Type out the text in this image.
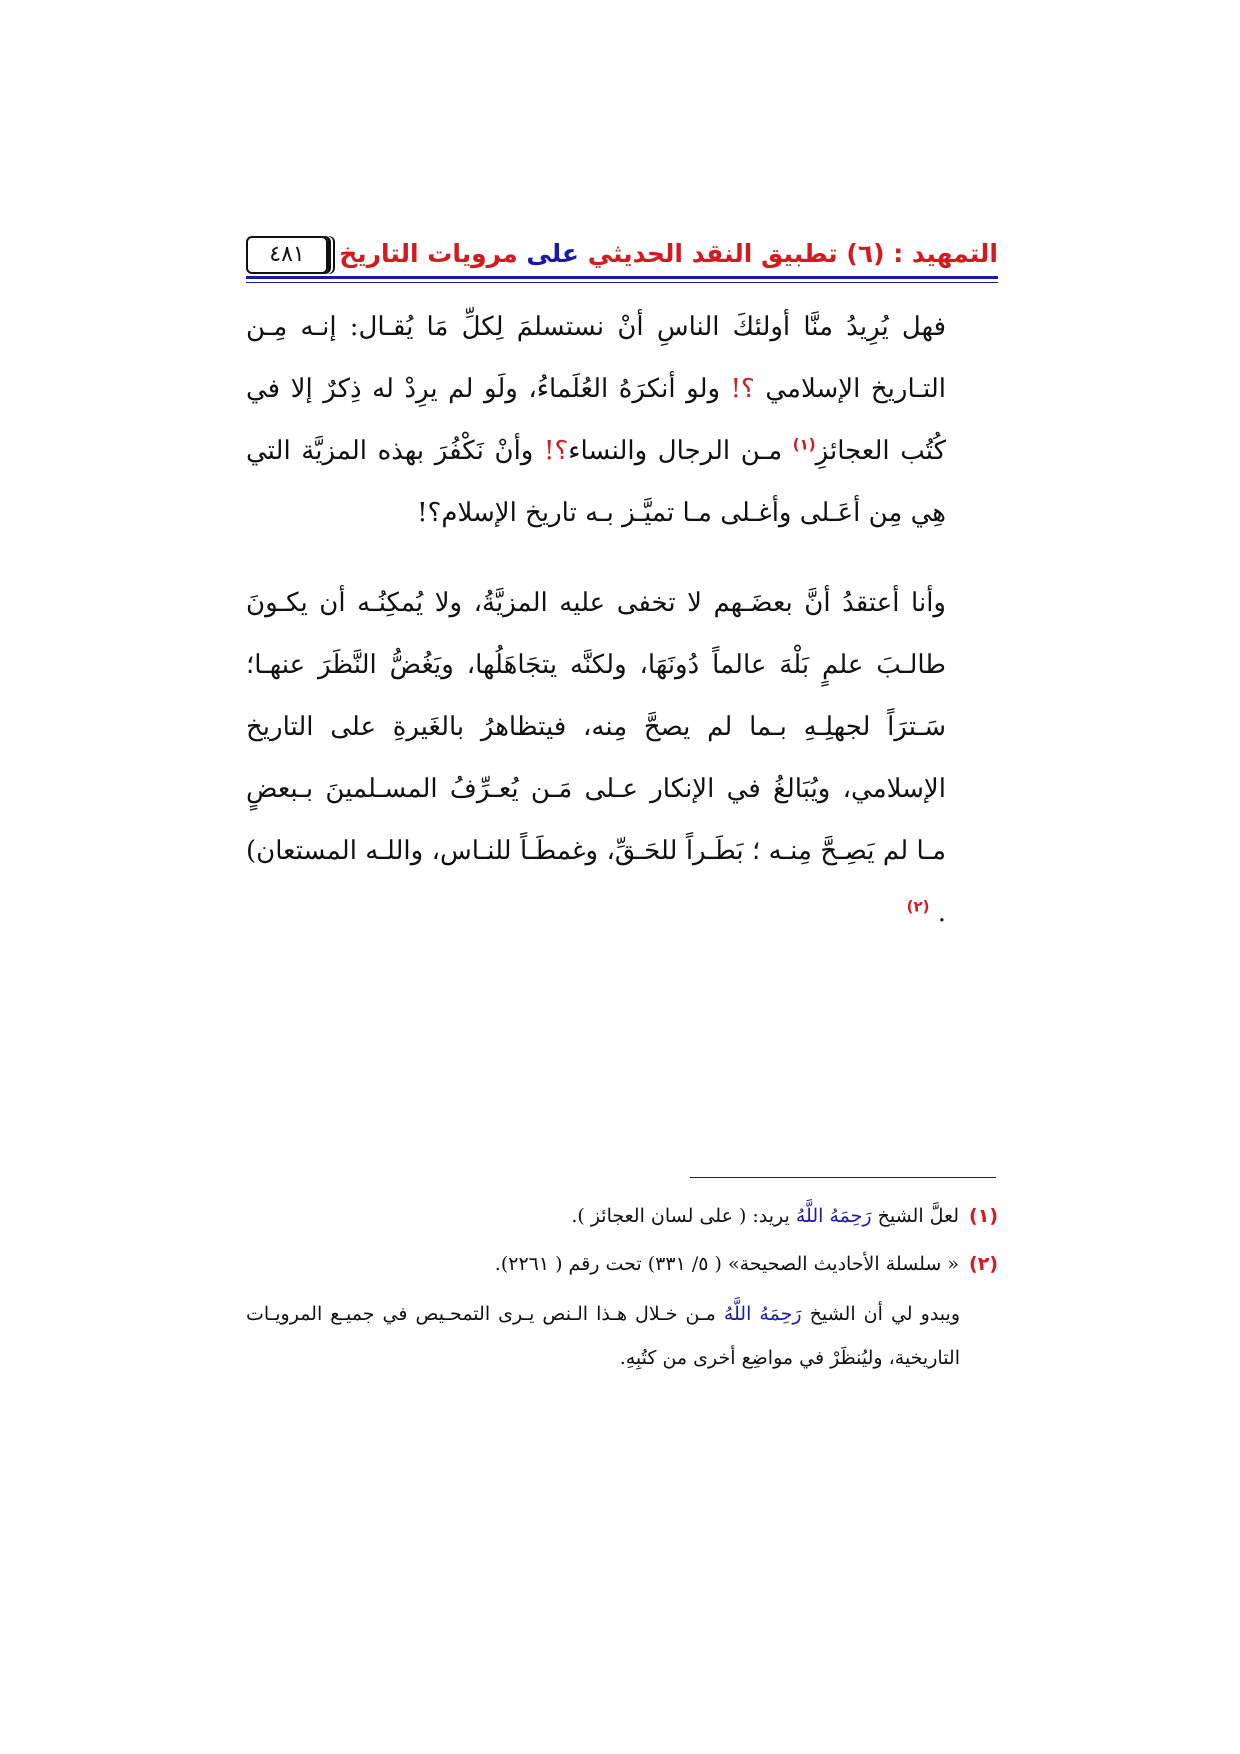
التمهيد : (٦) تطبيق النقد الحديثي على مرويات التاريخ
٤٨١
فهل يُرِيدُ منَّا أولئكَ الناسِ أنْ نستسلمَ لِكلِّ مَا يُقـال: إنـه مِـن التـاريخ الإسلامي ؟! ولو أنكرَهُ العُلَماءُ، ولَو لم يرِدْ له ذِكرٌ إلا في كُتُب العجائزِ$^{(١)}$ مـن الرجال والنساء؟! وأنْ نَكْفُرَ بهذه المزيَّة التي هِي مِن أعَـلى وأغـلى مـا تميَّـز بـه تاريخ الإسلام؟!
وأنا أعتقدُ أنَّ بعضَـهم لا تخفى عليه المزيَّةُ، ولا يُمكِنُـه أن يكـونَ طالـبَ علمٍ بَلْهَ عالماً دُونَهَا، ولكنَّه يتجَاهَلُها، ويَغُضُّ النَّظَرَ عنهـا؛ سَـترَاً لجهلِـهِ بـما لم يصحَّ مِنه، فيتظاهرُ بالغَيرةِ على التاريخ الإسلامي، ويُبَالغُ في الإنكار عـلى مَـن يُعـرِّفُ المسـلمينَ بـبعضٍ مـا لم يَصِـحَّ مِنـه ؛ بَطَـراً للحَـقِّ، وغمطَـاً للنـاس، واللـه المستعان) . $^{(٢)}$

(١)لعلَّ الشيخ رَحِمَهُ اللَّهُ يريد: ( على لسان العجائز ).

(٢)« سلسلة الأحاديث الصحيحة» ( ٥/ ٣٣١) تحت رقم ( ٢٢٦١).

ويبدو لي أن الشيخ رَحِمَهُ اللَّهُ مـن خـلال هـذا الـنص يـرى التمحـيص في جميـع المرويـات التاريخية، وليُنظَرْ في مواضِع أخرى من كتُبِهِ.
